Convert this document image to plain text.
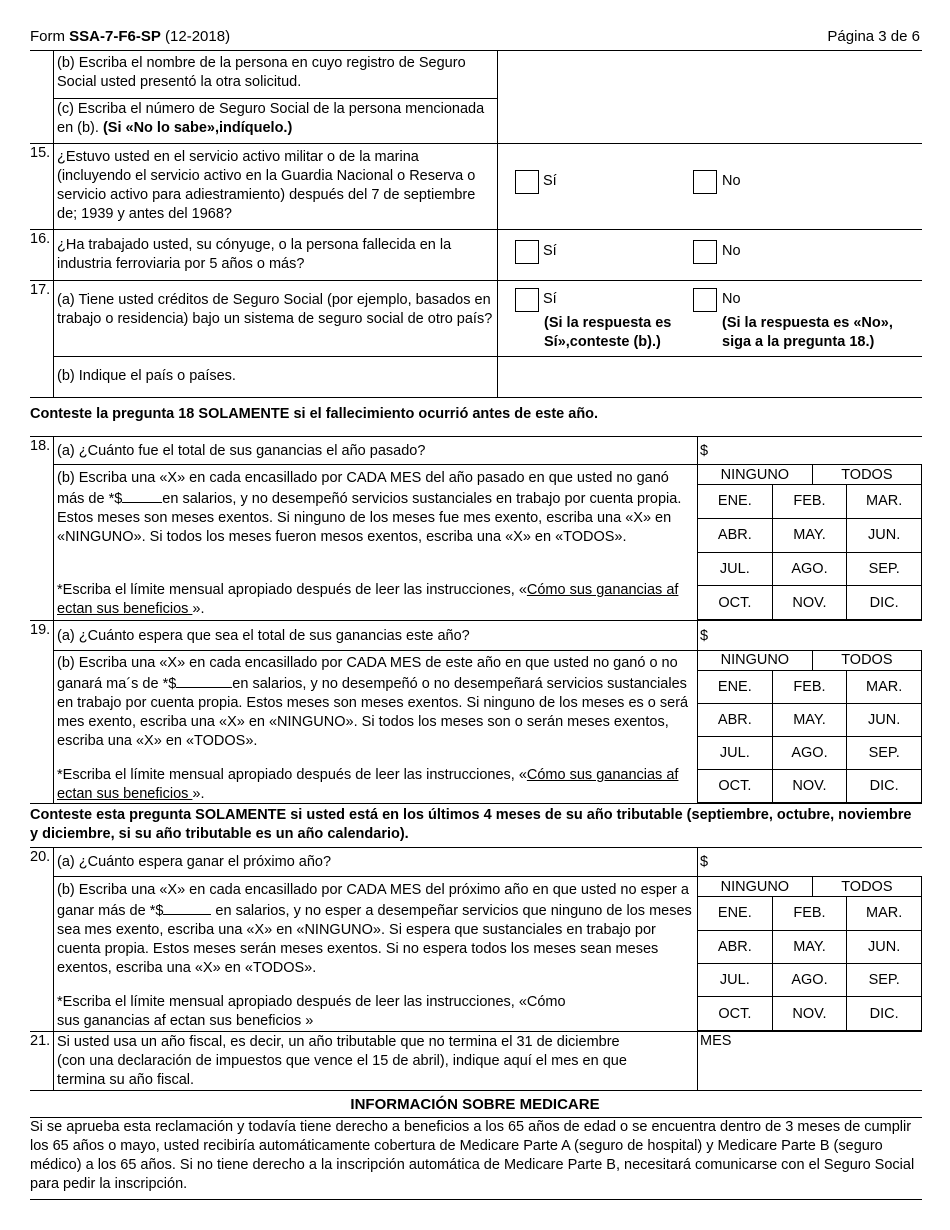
Form SSA-7-F6-SP (12-2018)	Página 3 de 6
(b) Escriba el nombre de la persona en cuyo registro de Seguro Social usted presentó la otra solicitud.
(c) Escriba el número de Seguro Social de la persona mencionada en (b). (Si «No lo sabe»,indíquelo.)
15. ¿Estuvo usted en el servicio activo militar o de la marina (incluyendo el servicio activo en la Guardia Nacional o Reserva o servicio activo para adiestramiento) después del 7 de septiembre de; 1939 y antes del 1968?
Sí	No
16. ¿Ha trabajado usted, su cónyuge, o la persona fallecida en la industria ferroviaria por 5 años o más?
Sí	No
17.
(a) Tiene usted créditos de Seguro Social (por ejemplo, basados en trabajo o residencia) bajo un sistema de seguro social de otro país?
Sí	No
(Si la respuesta es Sí»,conteste (b).)
(Si la respuesta es «No», siga a la pregunta 18.)
(b) Indique el país o países.
Conteste la pregunta 18 SOLAMENTE si el fallecimiento ocurrió antes de este año.
18. (a) ¿Cuánto fue el total de sus ganancias el año pasado?	$
(b) Escriba una «X» en cada encasillado por CADA MES del año pasado en que usted no ganó más de *$	en salarios, y no desempeñó servicios sustanciales en trabajo por cuenta propia. Estos meses son meses exentos. Si ninguno de los meses fue mes exento, escriba una «X» en «NINGUNO». Si todos los meses fueron mesos exentos, escriba una «X» en «TODOS».
*Escriba el límite mensual apropiado después de leer las instrucciones, «Cómo sus ganancias af ectan sus beneficios ».
NINGUNO TODOS		

ENE.	FEB.	MAR.
ABR.	MAY.	JUN.
JUL.	AGO.	SEP.
OCT.	NOV.	DIC.
19. (a) ¿Cuánto espera que sea el total de sus ganancias este año?	$
(b) Escriba una «X» en cada encasillado por CADA MES de este año en que usted no ganó o no ganará ma´s de *$	en salarios, y no desempeñó o no desempeñará servicios sustanciales en trabajo por cuenta propia. Estos meses son meses exentos. Si ninguno de los meses es o será mes exento, escriba una «X» en «NINGUNO». Si todos los meses son o serán meses exentos, escriba una «X» en «TODOS».
*Escriba el límite mensual apropiado después de leer las instrucciones, «Cómo sus ganancias af ectan sus beneficios ».
NINGUNO TODOS		

ENE.	FEB.	MAR.
ABR.	MAY.	JUN.
JUL.	AGO.	SEP.
OCT.	NOV.	DIC.
Conteste esta pregunta SOLAMENTE si usted está en los últimos 4 meses de su año tributable (septiembre, octubre, noviembre y diciembre, si su año tributable es un año calendario).
20. (a) ¿Cuánto espera ganar el próximo año?	$
(b) Escriba una «X» en cada encasillado por CADA MES del próximo año en que usted no esper a ganar más de *$	en salarios, y no esper a desempeñar servicios que ninguno de los meses sea mes exento, escriba una «X» en «NINGUNO». Si espera que sustanciales en trabajo por cuenta propia. Estos meses serán meses exentos. Si no espera todos los meses sean meses exentos, escriba una «X» en «TODOS».
*Escriba el límite mensual apropiado después de leer las instrucciones, «Cómo sus ganancias af ectan sus beneficios »
NINGUNO TODOS		

ENE.	FEB.	MAR.
ABR.	MAY.	JUN.
JUL.	AGO.	SEP.
OCT.	NOV.	DIC.
21. Si usted usa un año fiscal, es decir, un año tributable que no termina el 31 de diciembre (con una declaración de impuestos que vence el 15 de abril), indique aquí el mes en que termina su año fiscal.
MES
INFORMACIÓN SOBRE MEDICARE
Si se aprueba esta reclamación y todavía tiene derecho a beneficios a los 65 años de edad o se encuentra dentro de 3 meses de cumplir los 65 años o mayo, usted recibiría automáticamente cobertura de Medicare Parte A (seguro de hospital) y Medicare Parte B (seguro médico) a los 65 años. Si no tiene derecho a la inscripción automática de Medicare Parte B, necesitará comunicarse con el Seguro Social para pedir la inscripción.
